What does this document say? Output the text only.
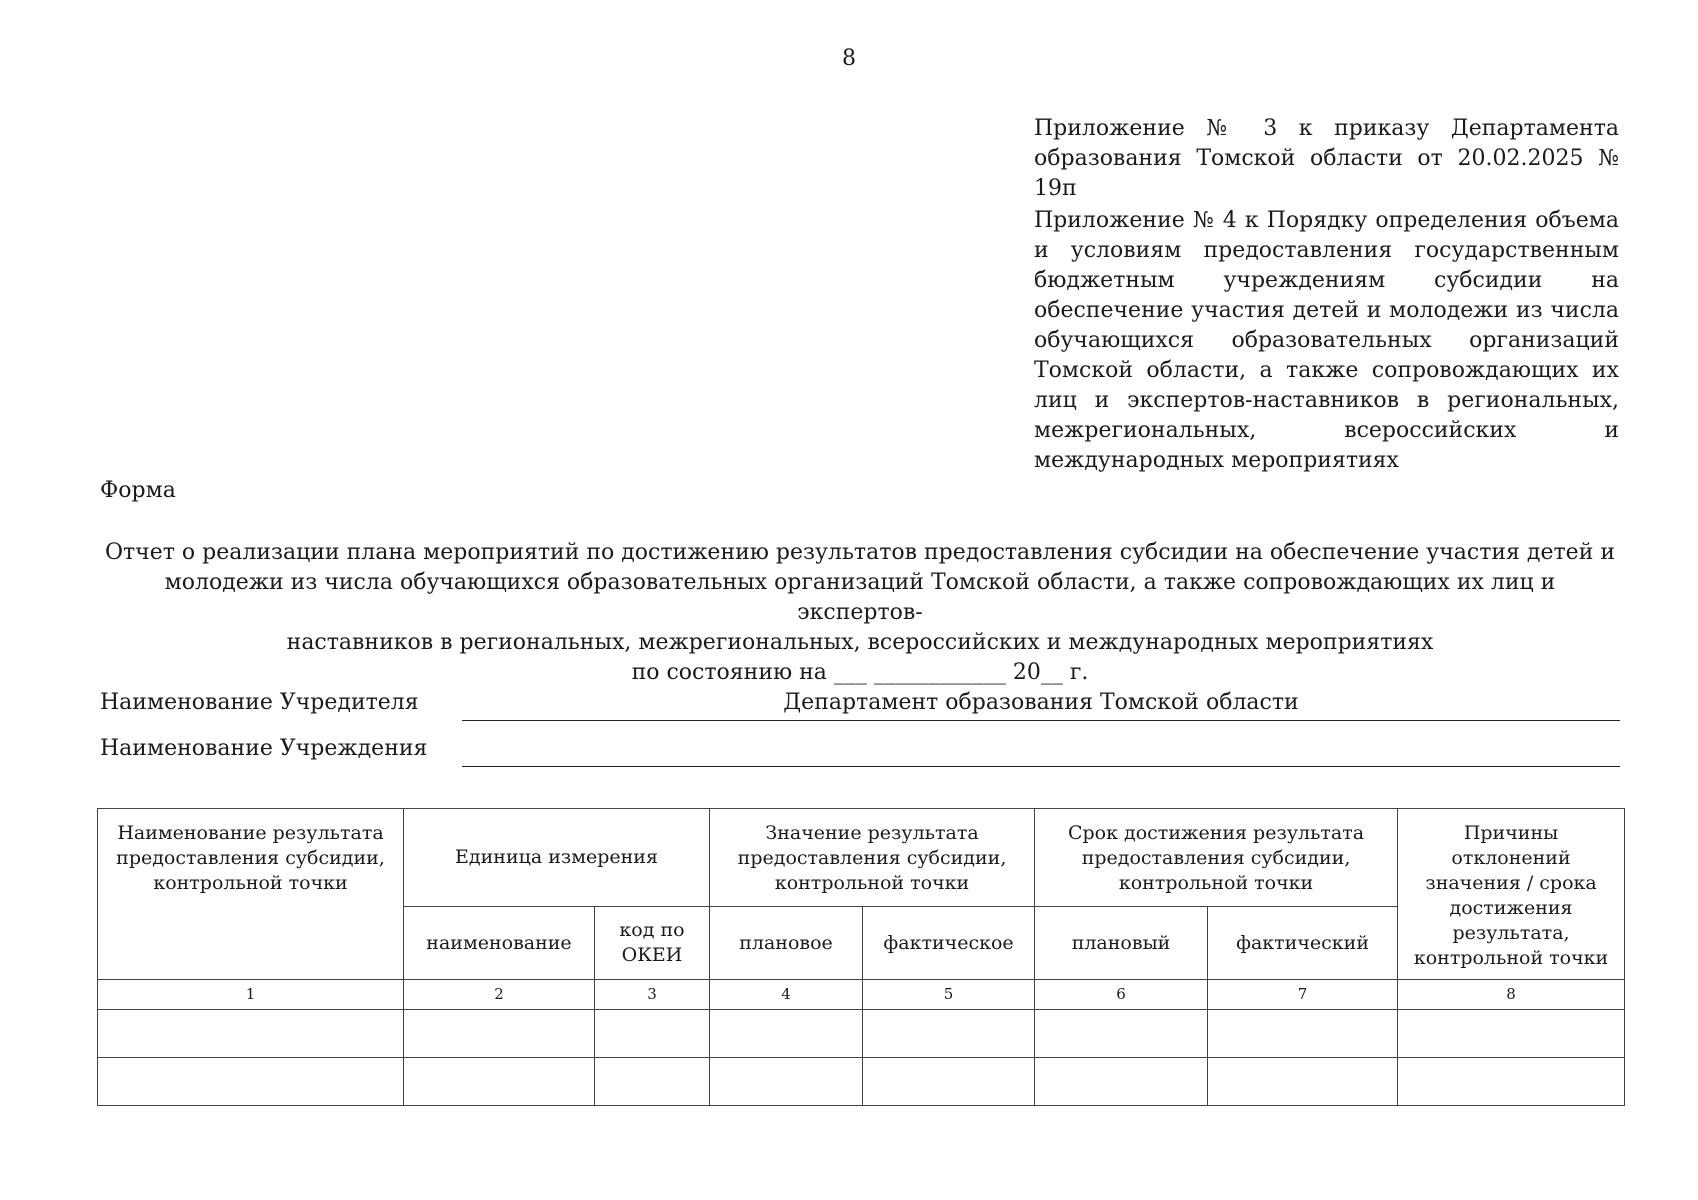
8

Приложение № 3 к приказу Департамента образования Томской области от 20.02.2025 № 19п

Приложение № 4 к Порядку определения объема и условиям предоставления государственным бюджетным учреждениям субсидии на обеспечение участия детей и молодежи из числа обучающихся образовательных организаций Томской области, а также сопровождающих их лиц и экспертов-наставников в региональных, межрегиональных, всероссийских и международных мероприятиях

Форма

Отчет о реализации плана мероприятий по достижению результатов предоставления субсидии на обеспечение участия детей и

молодежи из числа обучающихся образовательных организаций Томской области, а также сопровождающих их лиц и экспертов-

наставников в региональных, межрегиональных, всероссийских и международных мероприятиях

по состоянию на ___ ____________ 20__ г.

Наименование Учредителя	Департамент образования Томской области
Наименование Учреждения
Наименование результата предоставления субсидии, контрольной точки	Единица измерения		Значение результата предоставления субсидии, контрольной точки		Срок достижения результата предоставления субсидии, контрольной точки		Причины отклонений значения / срока достижения результата, контрольной точки
	наименование	код по ОКЕИ	плановое	фактическое	плановый	фактический	
1	2	3	4	5	6	7	8
